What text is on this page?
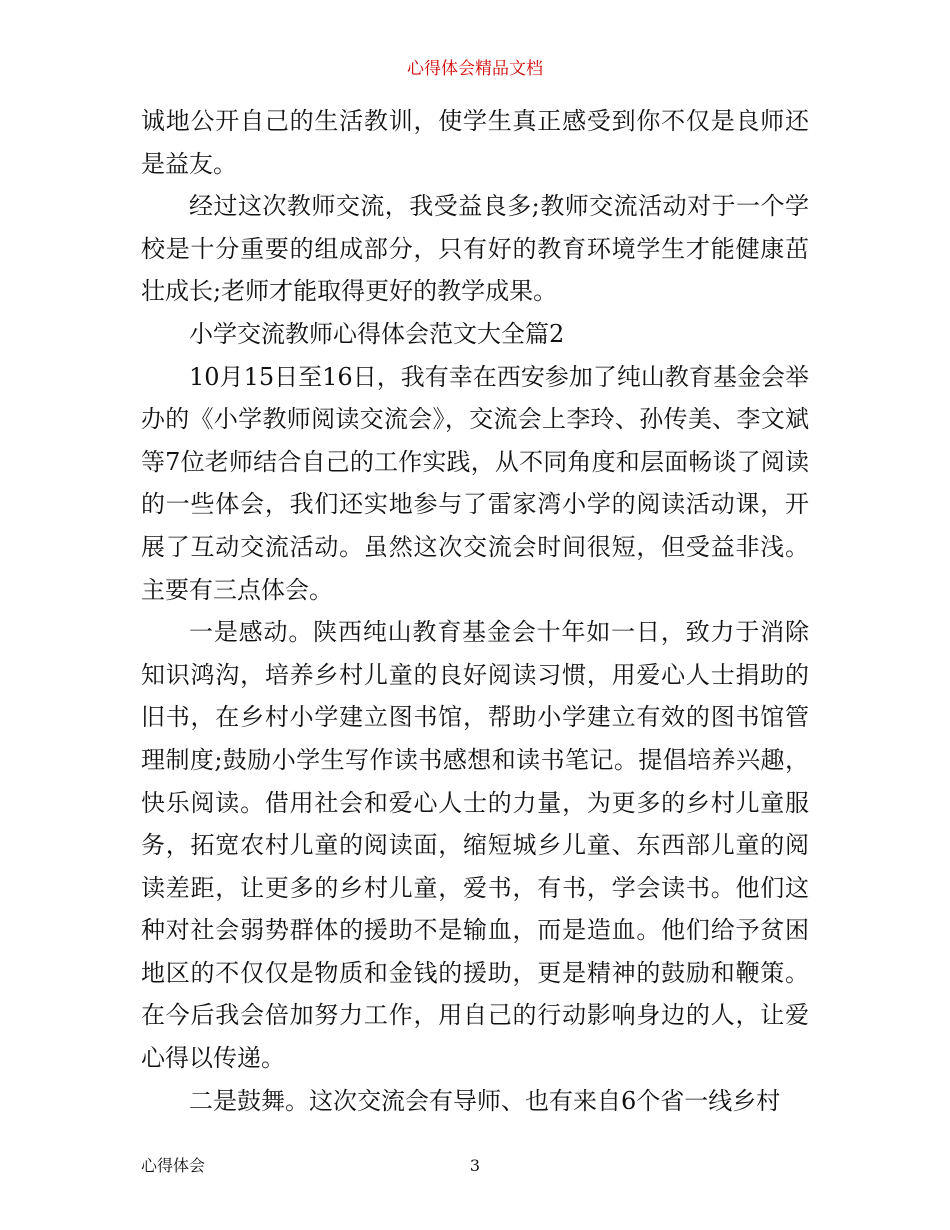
心得体会精品文档

诚地公开自己的生活教训，使学生真正感受到你不仅是良师还是益友。

经过这次教师交流，我受益良多;教师交流活动对于一个学校是十分重要的组成部分，只有好的教育环境学生才能健康茁壮成长;老师才能取得更好的教学成果。

小学交流教师心得体会范文大全篇2

10月15日至16日，我有幸在西安参加了纯山教育基金会举办的《小学教师阅读交流会》，交流会上李玲、孙传美、李文斌等7位老师结合自己的工作实践，从不同角度和层面畅谈了阅读的一些体会，我们还实地参与了雷家湾小学的阅读活动课，开展了互动交流活动。虽然这次交流会时间很短，但受益非浅。主要有三点体会。

一是感动。陕西纯山教育基金会十年如一日，致力于消除知识鸿沟，培养乡村儿童的良好阅读习惯，用爱心人士捐助的旧书，在乡村小学建立图书馆，帮助小学建立有效的图书馆管理制度;鼓励小学生写作读书感想和读书笔记。提倡培养兴趣，快乐阅读。借用社会和爱心人士的力量，为更多的乡村儿童服务，拓宽农村儿童的阅读面，缩短城乡儿童、东西部儿童的阅读差距，让更多的乡村儿童，爱书，有书，学会读书。他们这种对社会弱势群体的援助不是输血，而是造血。他们给予贫困地区的不仅仅是物质和金钱的援助，更是精神的鼓励和鞭策。在今后我会倍加努力工作，用自己的行动影响身边的人，让爱心得以传递。

二是鼓舞。这次交流会有导师、也有来自6个省一线乡村

心得体会	3
